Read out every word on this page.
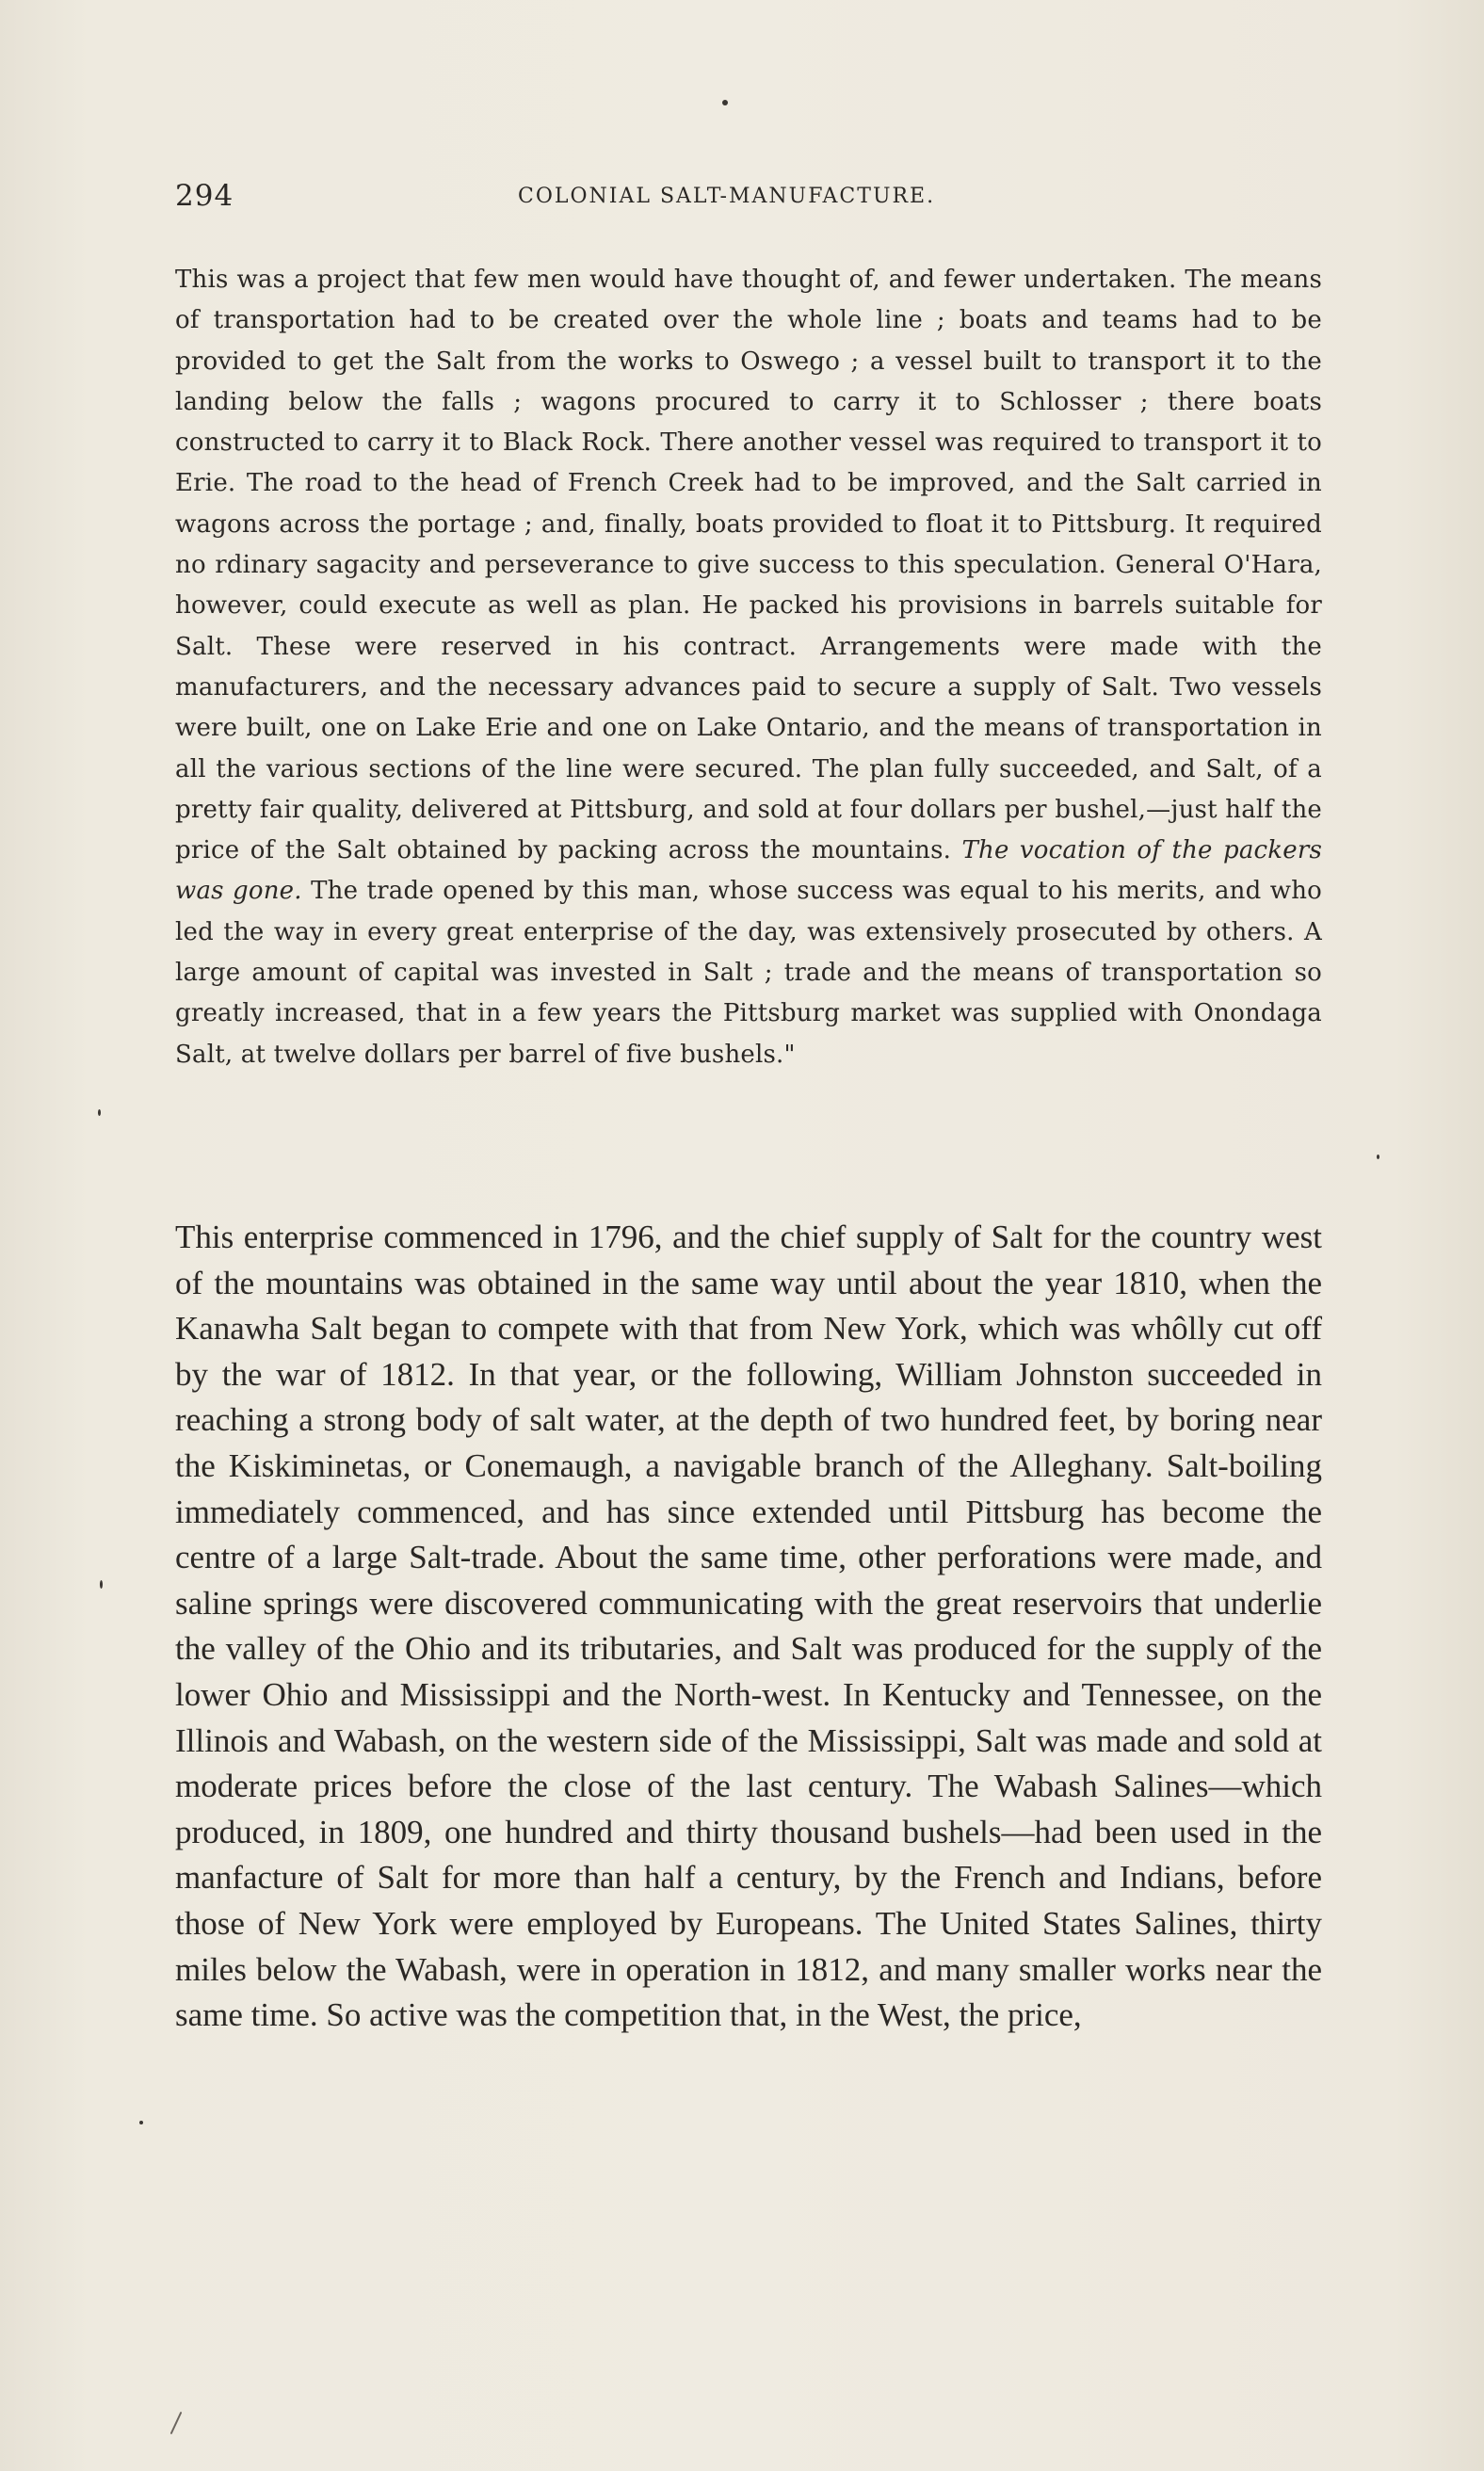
294	COLONIAL SALT-MANUFACTURE.

This was a project that few men would have thought of, and fewer undertaken. The means of transportation had to be created over the whole line ; boats and teams had to be provided to get the Salt from the works to Oswego ; a vessel built to transport it to the landing below the falls ; wagons procured to carry it to Schlosser ; there boats constructed to carry it to Black Rock. There another vessel was required to transport it to Erie. The road to the head of French Creek had to be improved, and the Salt carried in wagons across the portage ; and, finally, boats provided to float it to Pittsburg. It required no rdinary sagacity and perseverance to give success to this speculation. General O'Hara, however, could execute as well as plan. He packed his provisions in barrels suitable for Salt. These were reserved in his contract. Arrangements were made with the manufacturers, and the necessary advances paid to secure a supply of Salt. Two vessels were built, one on Lake Erie and one on Lake Ontario, and the means of transportation in all the various sections of the line were secured. The plan fully succeeded, and Salt, of a pretty fair quality, delivered at Pittsburg, and sold at four dollars per bushel,—just half the price of the Salt obtained by packing across the mountains. The vocation of the packers was gone. The trade opened by this man, whose success was equal to his merits, and who led the way in every great enterprise of the day, was extensively prosecuted by others. A large amount of capital was invested in Salt ; trade and the means of transportation so greatly increased, that in a few years the Pittsburg market was supplied with Onondaga Salt, at twelve dollars per barrel of five bushels."

This enterprise commenced in 1796, and the chief supply of Salt for the country west of the mountains was obtained in the same way until about the year 1810, when the Kanawha Salt began to compete with that from New York, which was whôlly cut off by the war of 1812. In that year, or the following, William Johnston succeeded in reaching a strong body of salt water, at the depth of two hundred feet, by boring near the Kiskiminetas, or Conemaugh, a navigable branch of the Alleghany. Salt-boiling immediately commenced, and has since extended until Pittsburg has become the centre of a large Salt-trade. About the same time, other perforations were made, and saline springs were discovered communicating with the great reservoirs that underlie the valley of the Ohio and its tributaries, and Salt was produced for the supply of the lower Ohio and Mississippi and the North-west. In Kentucky and Tennessee, on the Illinois and Wabash, on the western side of the Mississippi, Salt was made and sold at moderate prices before the close of the last century. The Wabash Salines—which produced, in 1809, one hundred and thirty thousand bushels—had been used in the manfacture of Salt for more than half a century, by the French and Indians, before those of New York were employed by Europeans. The United States Salines, thirty miles below the Wabash, were in operation in 1812, and many smaller works near the same time. So active was the competition that, in the West, the price,
